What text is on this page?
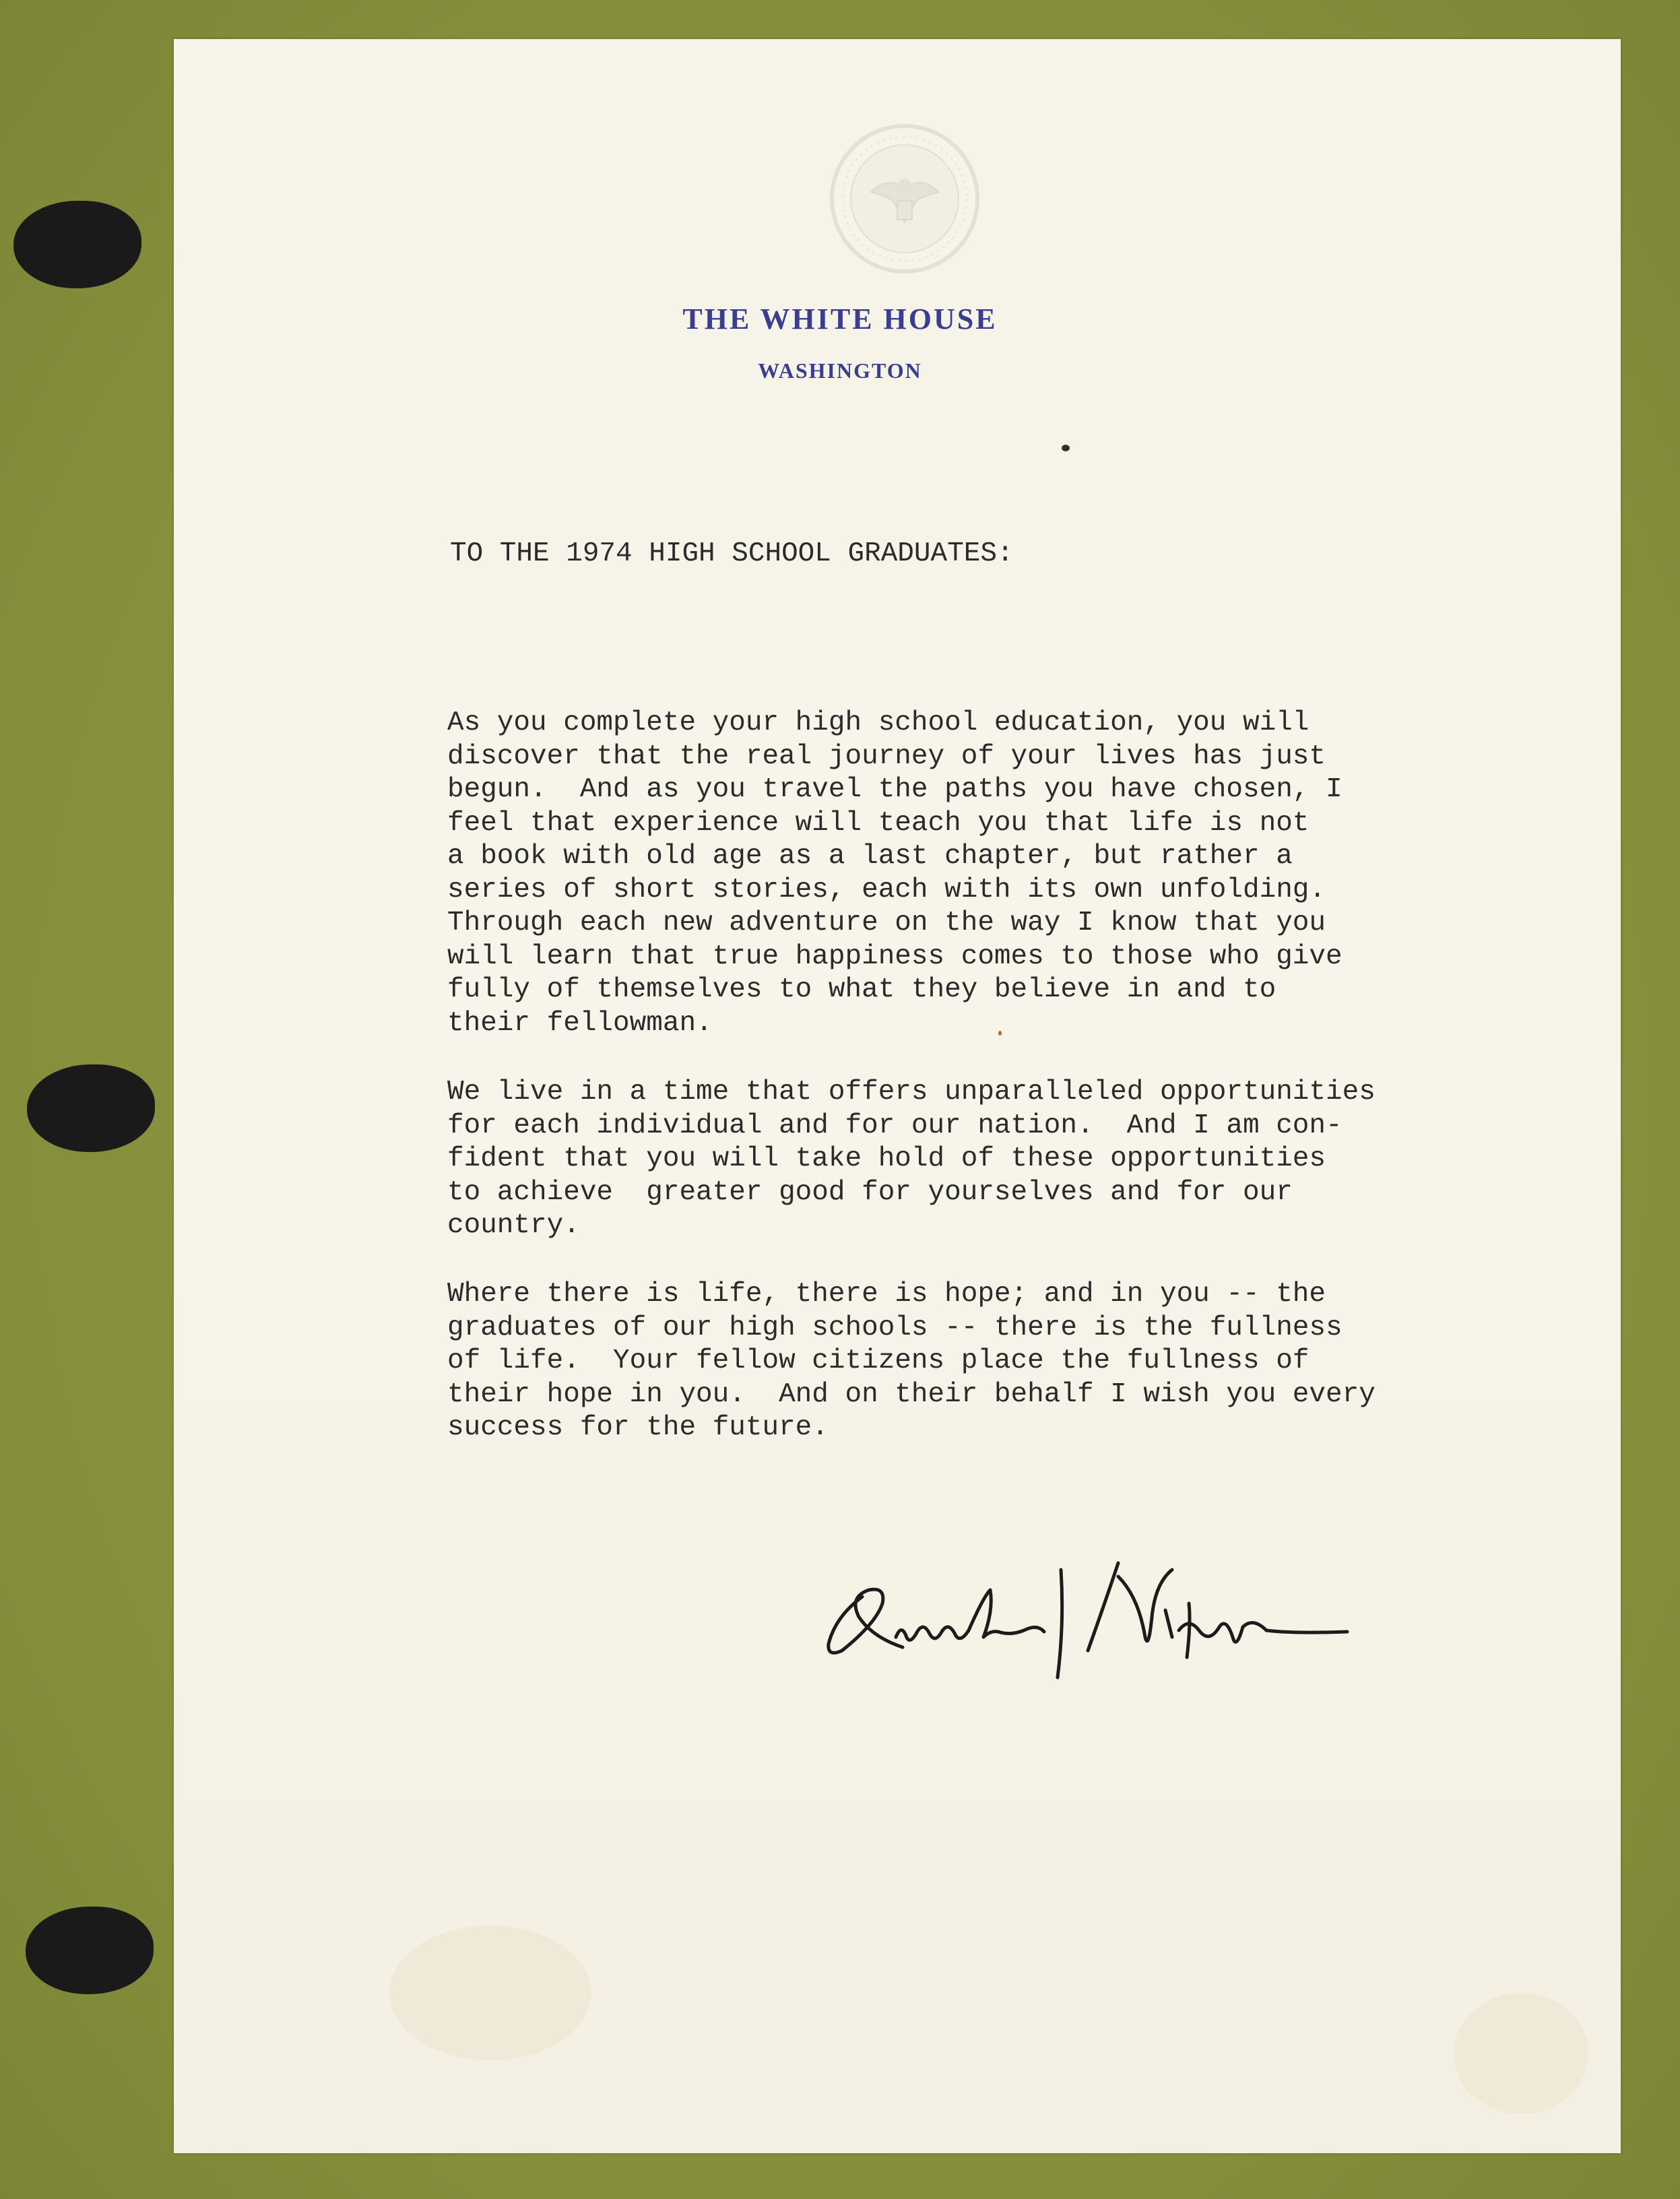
THE WHITE HOUSE
WASHINGTON

TO THE 1974 HIGH SCHOOL GRADUATES:

As you complete your high school education, you will
discover that the real journey of your lives has just
begun.  And as you travel the paths you have chosen, I
feel that experience will teach you that life is not
a book with old age as a last chapter, but rather a
series of short stories, each with its own unfolding.
Through each new adventure on the way I know that you
will learn that true happiness comes to those who give
fully of themselves to what they believe in and to
their fellowman.
We live in a time that offers unparalleled opportunities
for each individual and for our nation.  And I am con-
fident that you will take hold of these opportunities
to achieve  greater good for yourselves and for our
country.
Where there is life, there is hope; and in you -- the
graduates of our high schools -- there is the fullness
of life.  Your fellow citizens place the fullness of
their hope in you.  And on their behalf I wish you every
success for the future.
